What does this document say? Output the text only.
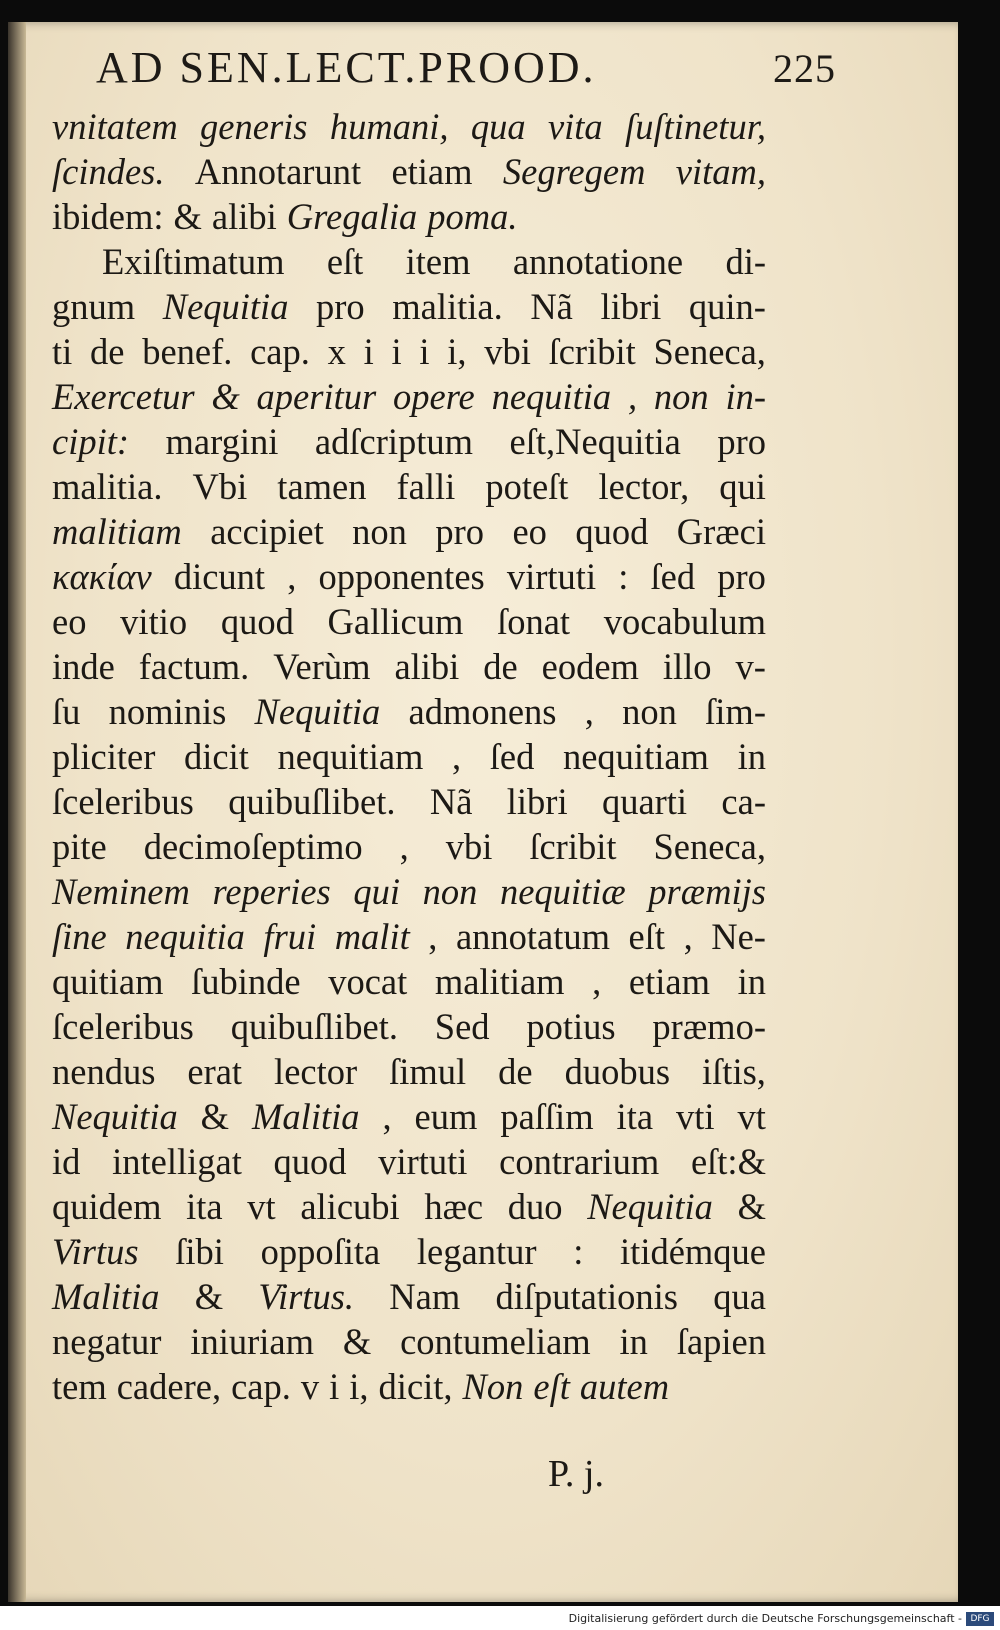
AD SEN.LECT.PROOD.	225
vnitatem generis humani, qua vita ſuſtinetur,
ſcindes. Annotarunt etiam Segregem vitam,
ibidem: & alibi Gregalia poma.
Exiſtimatum eſt item annotatione di-
gnum Nequitia pro malitia. Nã libri quin-
ti de benef. cap. x i i i i, vbi ſcribit Seneca,
Exercetur & aperitur opere nequitia , non in-
cipit: margini adſcriptum eſt,Nequitia pro
malitia. Vbi tamen falli poteſt lector, qui
malitiam accipiet non pro eo quod Græci
κακίαν dicunt , opponentes virtuti : ſed pro
eo vitio quod Gallicum ſonat vocabulum
inde factum. Verùm alibi de eodem illo v-
ſu nominis Nequitia admonens , non ſim-
pliciter dicit nequitiam , ſed nequitiam in
ſceleribus quibuſlibet. Nã libri quarti ca-
pite decimoſeptimo , vbi ſcribit Seneca,
Neminem reperies qui non nequitiæ præmijs
ſine nequitia frui malit , annotatum eſt , Ne-
quitiam ſubinde vocat malitiam , etiam in
ſceleribus quibuſlibet. Sed potius præmo-
nendus erat lector ſimul de duobus iſtis,
Nequitia & Malitia , eum paſſim ita vti vt
id intelligat quod virtuti contrarium eſt:&
quidem ita vt alicubi hæc duo Nequitia &
Virtus ſibi oppoſita legantur : itidémque
Malitia & Virtus. Nam diſputationis qua
negatur iniuriam & contumeliam in ſapien
tem cadere, cap. v i i, dicit, Non eſt autem
P. j.
Digitalisierung gefördert durch die Deutsche Forschungsgemeinschaft - DFG
